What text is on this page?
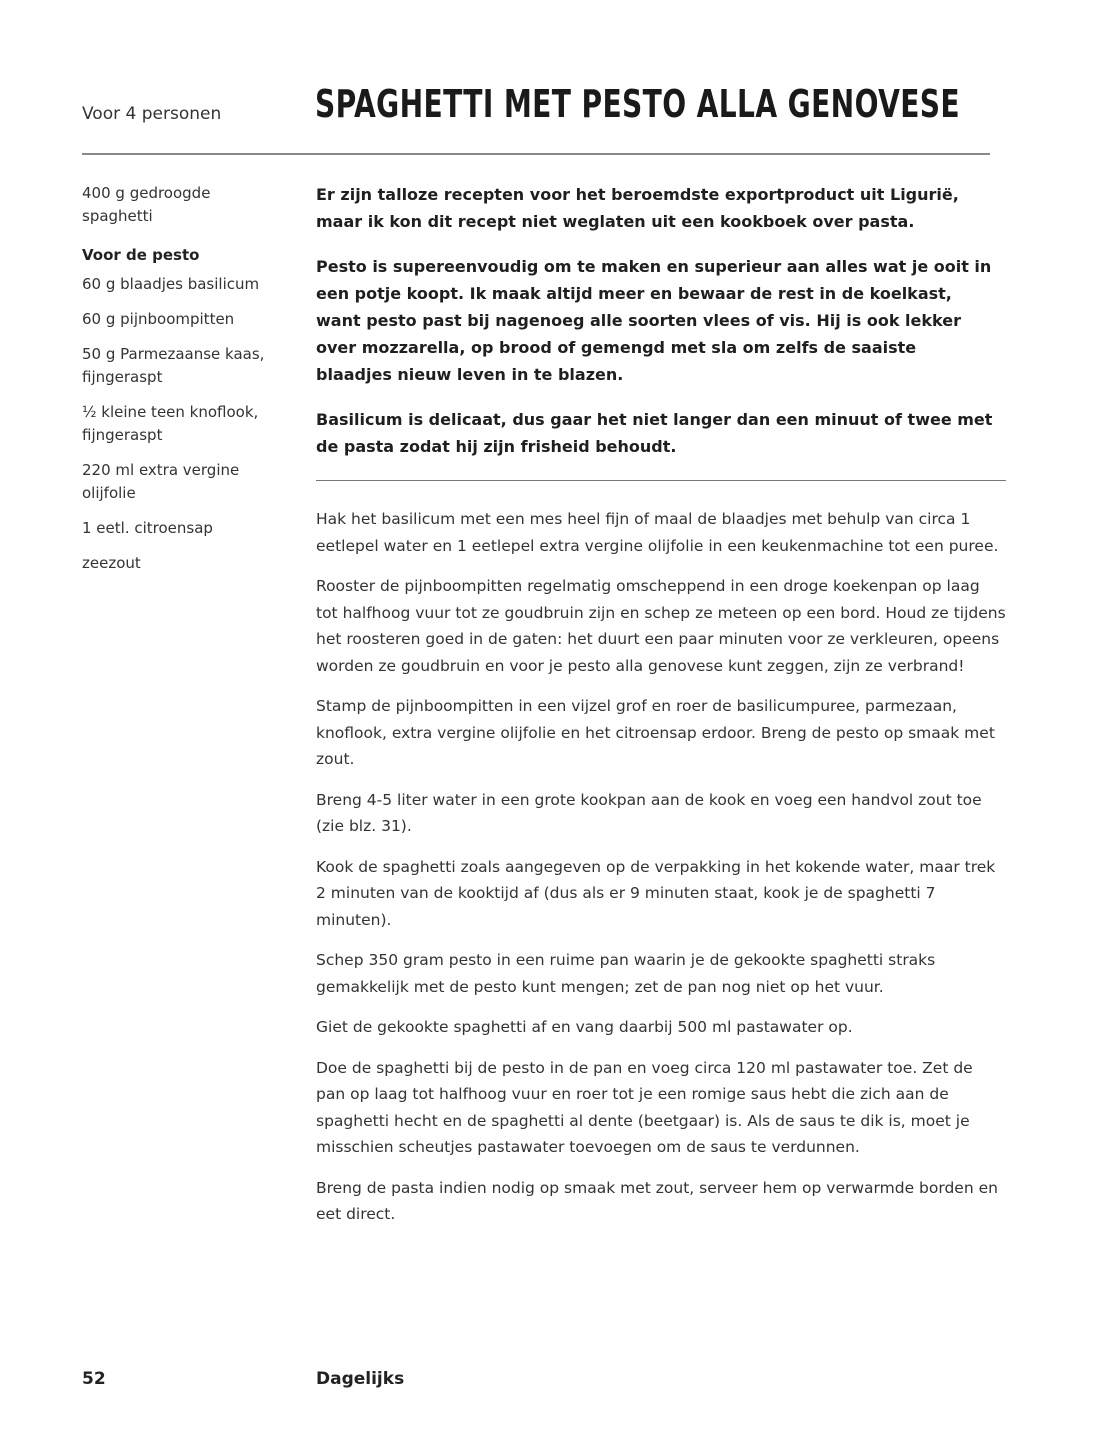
Voor 4 personen SPAGHETTI MET PESTO ALLA GENOVESE
400 g gedroogde spaghetti
Voor de pesto
60 g blaadjes basilicum
60 g pijnboompitten
50 g Parmezaanse kaas, fijngeraspt
½ kleine teen knoflook, fijngeraspt
220 ml extra vergine olijfolie
1 eetl. citroensap
zeezout

Er zijn talloze recepten voor het beroemdste exportproduct uit Ligurië, maar ik kon dit recept niet weglaten uit een kookboek over pasta.

Pesto is supereenvoudig om te maken en superieur aan alles wat je ooit in een potje koopt. Ik maak altijd meer en bewaar de rest in de koelkast, want pesto past bij nagenoeg alle soorten vlees of vis. Hij is ook lekker over mozzarella, op brood of gemengd met sla om zelfs de saaiste blaadjes nieuw leven in te blazen.

Basilicum is delicaat, dus gaar het niet langer dan een minuut of twee met de pasta zodat hij zijn frisheid behoudt.

Hak het basilicum met een mes heel fijn of maal de blaadjes met behulp van circa 1 eetlepel water en 1 eetlepel extra vergine olijfolie in een keukenmachine tot een puree.

Rooster de pijnboompitten regelmatig omscheppend in een droge koekenpan op laag tot halfhoog vuur tot ze goudbruin zijn en schep ze meteen op een bord. Houd ze tijdens het roosteren goed in de gaten: het duurt een paar minuten voor ze verkleuren, opeens worden ze goudbruin en voor je pesto alla genovese kunt zeggen, zijn ze verbrand!

Stamp de pijnboompitten in een vijzel grof en roer de basilicumpuree, parmezaan, knoflook, extra vergine olijfolie en het citroensap erdoor. Breng de pesto op smaak met zout.

Breng 4-5 liter water in een grote kookpan aan de kook en voeg een handvol zout toe (zie blz. 31).

Kook de spaghetti zoals aangegeven op de verpakking in het kokende water, maar trek 2 minuten van de kooktijd af (dus als er 9 minuten staat, kook je de spaghetti 7 minuten).

Schep 350 gram pesto in een ruime pan waarin je de gekookte spaghetti straks gemakkelijk met de pesto kunt mengen; zet de pan nog niet op het vuur.

Giet de gekookte spaghetti af en vang daarbij 500 ml pastawater op.

Doe de spaghetti bij de pesto in de pan en voeg circa 120 ml pastawater toe. Zet de pan op laag tot halfhoog vuur en roer tot je een romige saus hebt die zich aan de spaghetti hecht en de spaghetti al dente (beetgaar) is. Als de saus te dik is, moet je misschien scheutjes pastawater toevoegen om de saus te verdunnen.

Breng de pasta indien nodig op smaak met zout, serveer hem op verwarmde borden en eet direct.

52	Dagelijks
